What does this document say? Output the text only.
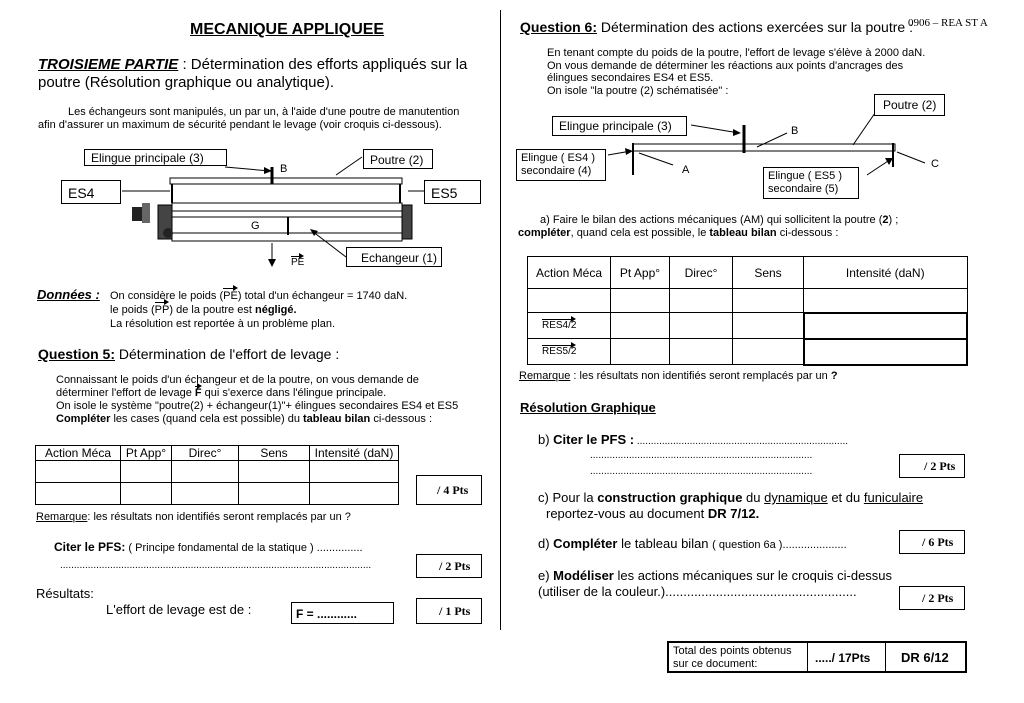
0906 – REA ST A
MECANIQUE APPLIQUEE
TROISIEME PARTIE : Détermination des efforts appliqués sur la poutre (Résolution graphique ou analytique).
Les échangeurs sont manipulés, un par un, à l'aide d'une poutre de manutention afin d'assurer un maximum de sécurité pendant le levage (voir croquis ci-dessous).
Elingue principale (3)	Poutre (2)
B
ES4	ES5
G
PE	Echangeur (1)
Données : On considère le poids (PE) total d'un échangeur = 1740 daN.
le poids (PP) de la poutre est négligé.
La résolution est reportée à un problème plan.
Question 5: Détermination de l'effort de levage :
Connaissant le poids d'un échangeur et de la poutre, on vous demande de
déterminer l'effort de levage F qui s'exerce dans l'élingue principale.
On isole le système "poutre(2) + échangeur(1)"+ élingues secondaires ES4 et ES5
Compléter les cases (quand cela est possible) du tableau bilan ci-dessous :
Action Méca	Pt App°	Direc°	Sens	Intensité (daN)

/ 4 Pts
Remarque: les résultats non identifiés seront remplacés par un ?
Citer le PFS: ( Principe fondamental de la statique ) ...............
................................................................................................................	/ 2 Pts
Résultats:
L'effort de levage est de :	F = ............	/ 1 Pts
Question 6: Détermination des actions exercées sur la poutre :
En tenant compte du poids de la poutre, l'effort de levage s'élève à 2000 daN.
On vous demande de déterminer les réactions aux points d'ancrages des
élingues secondaires ES4 et ES5.
On isole "la poutre (2) schématisée" :
Poutre (2)
Elingue principale (3)	B
Elingue ( ES4 )
secondaire (4)	A	Elingue ( ES5 )
secondaire (5)
C
a) Faire le bilan des actions mécaniques (AM) qui sollicitent la poutre (2) ;
compléter, quand cela est possible, le tableau bilan ci-dessous :
Action Méca	Pt App°	Direc°	Sens	Intensité (daN)

RES4/2				
RES5/2				
Remarque : les résultats non identifiés seront remplacés par un ?
Résolution Graphique
b) Citer le PFS : ............................................................................
................................................................................
................................................................................	/ 2 Pts
c) Pour la construction graphique du dynamique et du funiculaire
reportez-vous au document DR 7/12.
d) Compléter le tableau bilan ( question 6a ).....................	/ 6 Pts
e) Modéliser les actions mécaniques sur le croquis ci-dessus
(utiliser de la couleur.).....................................................	/ 2 Pts
Total des points obtenus sur ce document:	...../ 17Pts DR 6/12
